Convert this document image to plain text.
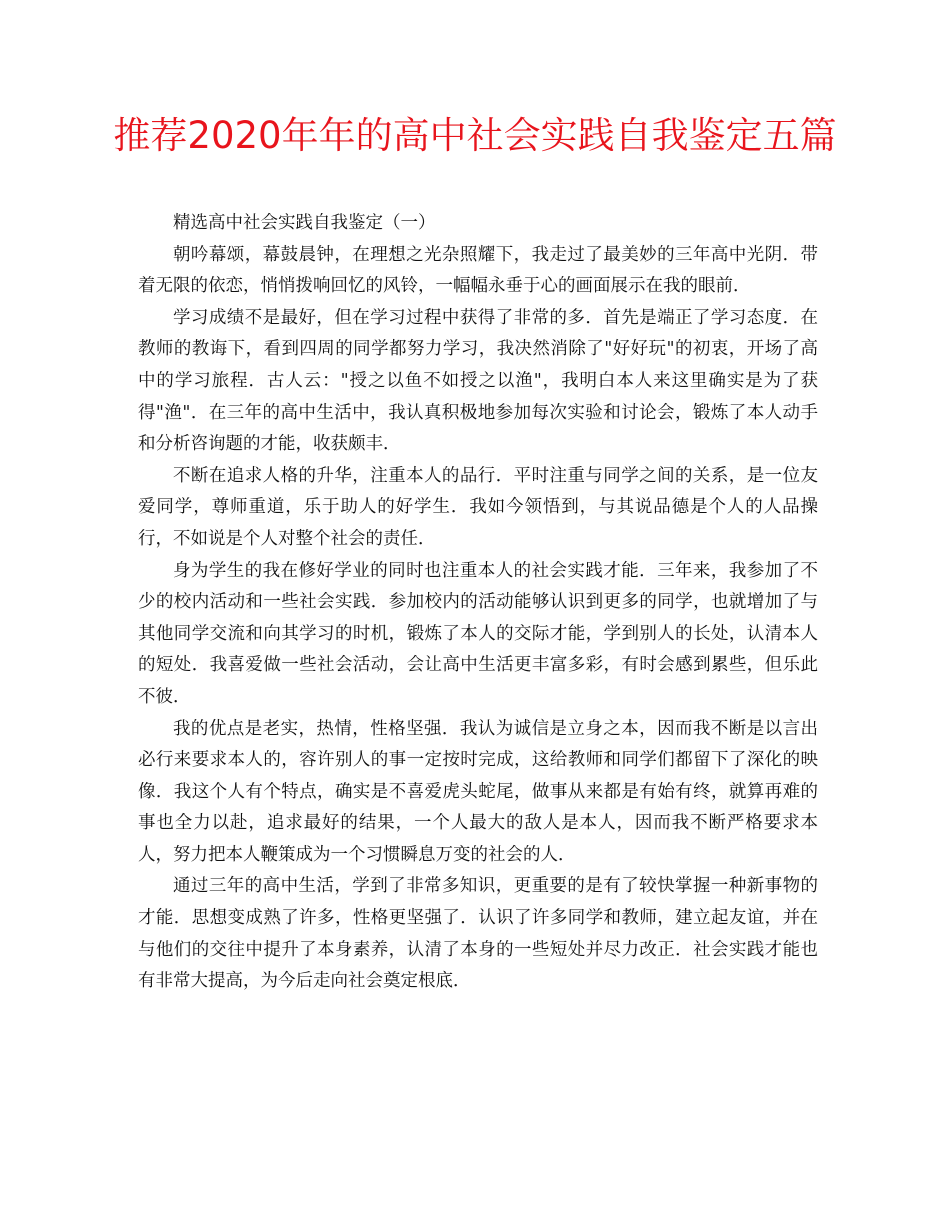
推荐2020年年的高中社会实践自我鉴定五篇

精选高中社会实践自我鉴定（一）

朝吟幕颂，幕鼓晨钟，在理想之光杂照耀下，我走过了最美妙的三年高中光阴．带着无限的依恋，悄悄拨响回忆的风铃，一幅幅永垂于心的画面展示在我的眼前．

学习成绩不是最好，但在学习过程中获得了非常的多．首先是端正了学习态度．在教师的教诲下，看到四周的同学都努力学习，我决然消除了"好好玩"的初衷，开场了高中的学习旅程．古人云："授之以鱼不如授之以渔"，我明白本人来这里确实是为了获得"渔"．在三年的高中生活中，我认真积极地参加每次实验和讨论会，锻炼了本人动手和分析咨询题的才能，收获颇丰．

不断在追求人格的升华，注重本人的品行．平时注重与同学之间的关系，是一位友爱同学，尊师重道，乐于助人的好学生．我如今领悟到，与其说品德是个人的人品操行，不如说是个人对整个社会的责任．

身为学生的我在修好学业的同时也注重本人的社会实践才能．三年来，我参加了不少的校内活动和一些社会实践．参加校内的活动能够认识到更多的同学，也就增加了与其他同学交流和向其学习的时机，锻炼了本人的交际才能，学到别人的长处，认清本人的短处．我喜爱做一些社会活动，会让高中生活更丰富多彩，有时会感到累些，但乐此不彼．

我的优点是老实，热情，性格坚强．我认为诚信是立身之本，因而我不断是以言出必行来要求本人的，容许别人的事一定按时完成，这给教师和同学们都留下了深化的映像．我这个人有个特点，确实是不喜爱虎头蛇尾，做事从来都是有始有终，就算再难的事也全力以赴，追求最好的结果，一个人最大的敌人是本人，因而我不断严格要求本人，努力把本人鞭策成为一个习惯瞬息万变的社会的人．

通过三年的高中生活，学到了非常多知识，更重要的是有了较快掌握一种新事物的才能．思想变成熟了许多，性格更坚强了．认识了许多同学和教师，建立起友谊，并在与他们的交往中提升了本身素养，认清了本身的一些短处并尽力改正．社会实践才能也有非常大提高，为今后走向社会奠定根底．
